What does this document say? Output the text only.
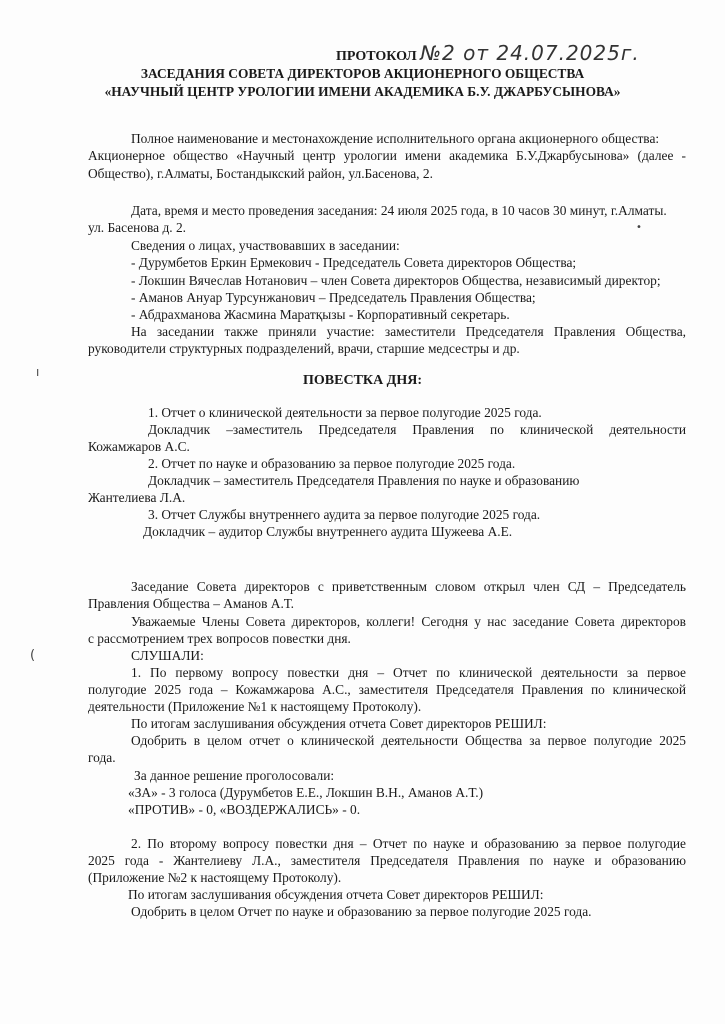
ПРОТОКОЛ №2 от 24.07.2025г.
ЗАСЕДАНИЯ СОВЕТА ДИРЕКТОРОВ АКЦИОНЕРНОГО ОБЩЕСТВА
«НАУЧНЫЙ ЦЕНТР УРОЛОГИИ ИМЕНИ АКАДЕМИКА Б.У. ДЖАРБУСЫНОВА»
Полное наименование и местонахождение исполнительного органа акционерного общества:
Акционерное общество «Научный центр урологии имени академика Б.У.Джарбусынова» (далее -
Общество), г.Алматы, Бостандыкский район, ул.Басенова, 2.
Дата, время и место проведения заседания: 24 июля 2025 года, в 10 часов 30 минут, г.Алматы.
ул. Басенова д. 2.	•
Сведения о лицах, участвовавших в заседании:
- Дурумбетов Еркин Ермекович - Председатель Совета директоров Общества;
- Локшин Вячеслав Нотанович – член Совета директоров Общества, независимый директор;
- Аманов Ануар Турсунжанович – Председатель Правления Общества;
- Абдрахманова Жасмина Маратқызы - Корпоративный секретарь.
На заседании также приняли участие: заместители Председателя Правления Общества,
руководители структурных подразделений, врачи, старшие медсестры и др.
ı
ПОВЕСТКА ДНЯ:
1. Отчет о клинической деятельности за первое полугодие 2025 года.
Докладчик –заместитель Председателя Правления по клинической деятельности
Кожамжаров А.С.
2. Отчет по науке и образованию за первое полугодие 2025 года.
Докладчик – заместитель Председателя Правления по науке и образованию
Жантелиева Л.А.
3. Отчет Службы внутреннего аудита за первое полугодие 2025 года.
Докладчик – аудитор Службы внутреннего аудита Шужеева А.Е.
Заседание Совета директоров с приветственным словом открыл член СД – Председатель
Правления Общества – Аманов А.Т.
Уважаемые Члены Совета директоров, коллеги! Сегодня у нас заседание Совета директоров
с рассмотрением трех вопросов повестки дня.
СЛУШАЛИ:
(
1. По первому вопросу повестки дня – Отчет по клинической деятельности за первое
полугодие 2025 года – Кожамжарова А.С., заместителя Председателя Правления по клинической
деятельности (Приложение №1 к настоящему Протоколу).
По итогам заслушивания обсуждения отчета Совет директоров РЕШИЛ:
Одобрить в целом отчет о клинической деятельности Общества за первое полугодие 2025
года.
За данное решение проголосовали:
«ЗА» - 3 голоса (Дурумбетов Е.Е., Локшин В.Н., Аманов А.Т.)
«ПРОТИВ» - 0, «ВОЗДЕРЖАЛИСЬ» - 0.
2. По второму вопросу повестки дня – Отчет по науке и образованию за первое полугодие
2025 года - Жантелиеву Л.А., заместителя Председателя Правления по науке и образованию
(Приложение №2 к настоящему Протоколу).
По итогам заслушивания обсуждения отчета Совет директоров РЕШИЛ:
Одобрить в целом Отчет по науке и образованию за первое полугодие 2025 года.
